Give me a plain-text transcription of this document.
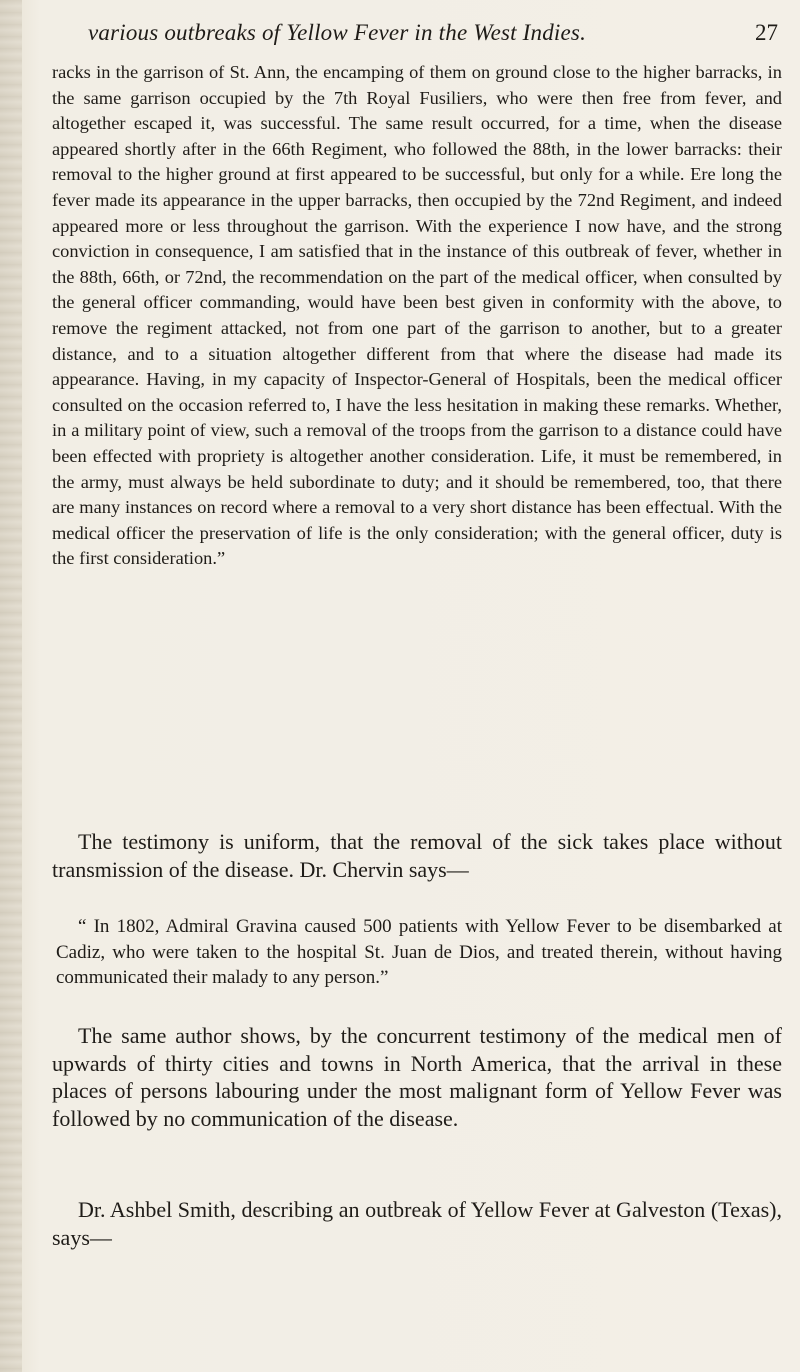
various outbreaks of Yellow Fever in the West Indies.	27

racks in the garrison of St. Ann, the encamping of them on ground close to the higher barracks, in the same garrison occupied by the 7th Royal Fusiliers, who were then free from fever, and altogether escaped it, was successful. The same result occurred, for a time, when the disease appeared shortly after in the 66th Regiment, who followed the 88th, in the lower barracks: their removal to the higher ground at first appeared to be successful, but only for a while. Ere long the fever made its appearance in the upper barracks, then occupied by the 72nd Regiment, and indeed appeared more or less throughout the garrison. With the experience I now have, and the strong conviction in consequence, I am satisfied that in the instance of this outbreak of fever, whether in the 88th, 66th, or 72nd, the recommendation on the part of the medical officer, when consulted by the general officer commanding, would have been best given in conformity with the above, to remove the regiment attacked, not from one part of the garrison to another, but to a greater distance, and to a situation altogether different from that where the disease had made its appearance. Having, in my capacity of Inspector-General of Hospitals, been the medical officer consulted on the occasion referred to, I have the less hesitation in making these remarks. Whether, in a military point of view, such a removal of the troops from the garrison to a distance could have been effected with propriety is altogether another consideration. Life, it must be remembered, in the army, must always be held subordinate to duty; and it should be remembered, too, that there are many instances on record where a removal to a very short distance has been effectual. With the medical officer the preservation of life is the only consideration; with the general officer, duty is the first consideration.”

The testimony is uniform, that the removal of the sick takes place without transmission of the disease. Dr. Chervin says—

“ In 1802, Admiral Gravina caused 500 patients with Yellow Fever to be disembarked at Cadiz, who were taken to the hospital St. Juan de Dios, and treated therein, without having communicated their malady to any person.”

The same author shows, by the concurrent testimony of the medical men of upwards of thirty cities and towns in North America, that the arrival in these places of persons labouring under the most malignant form of Yellow Fever was followed by no communication of the disease.

Dr. Ashbel Smith, describing an outbreak of Yellow Fever at Galveston (Texas), says—
